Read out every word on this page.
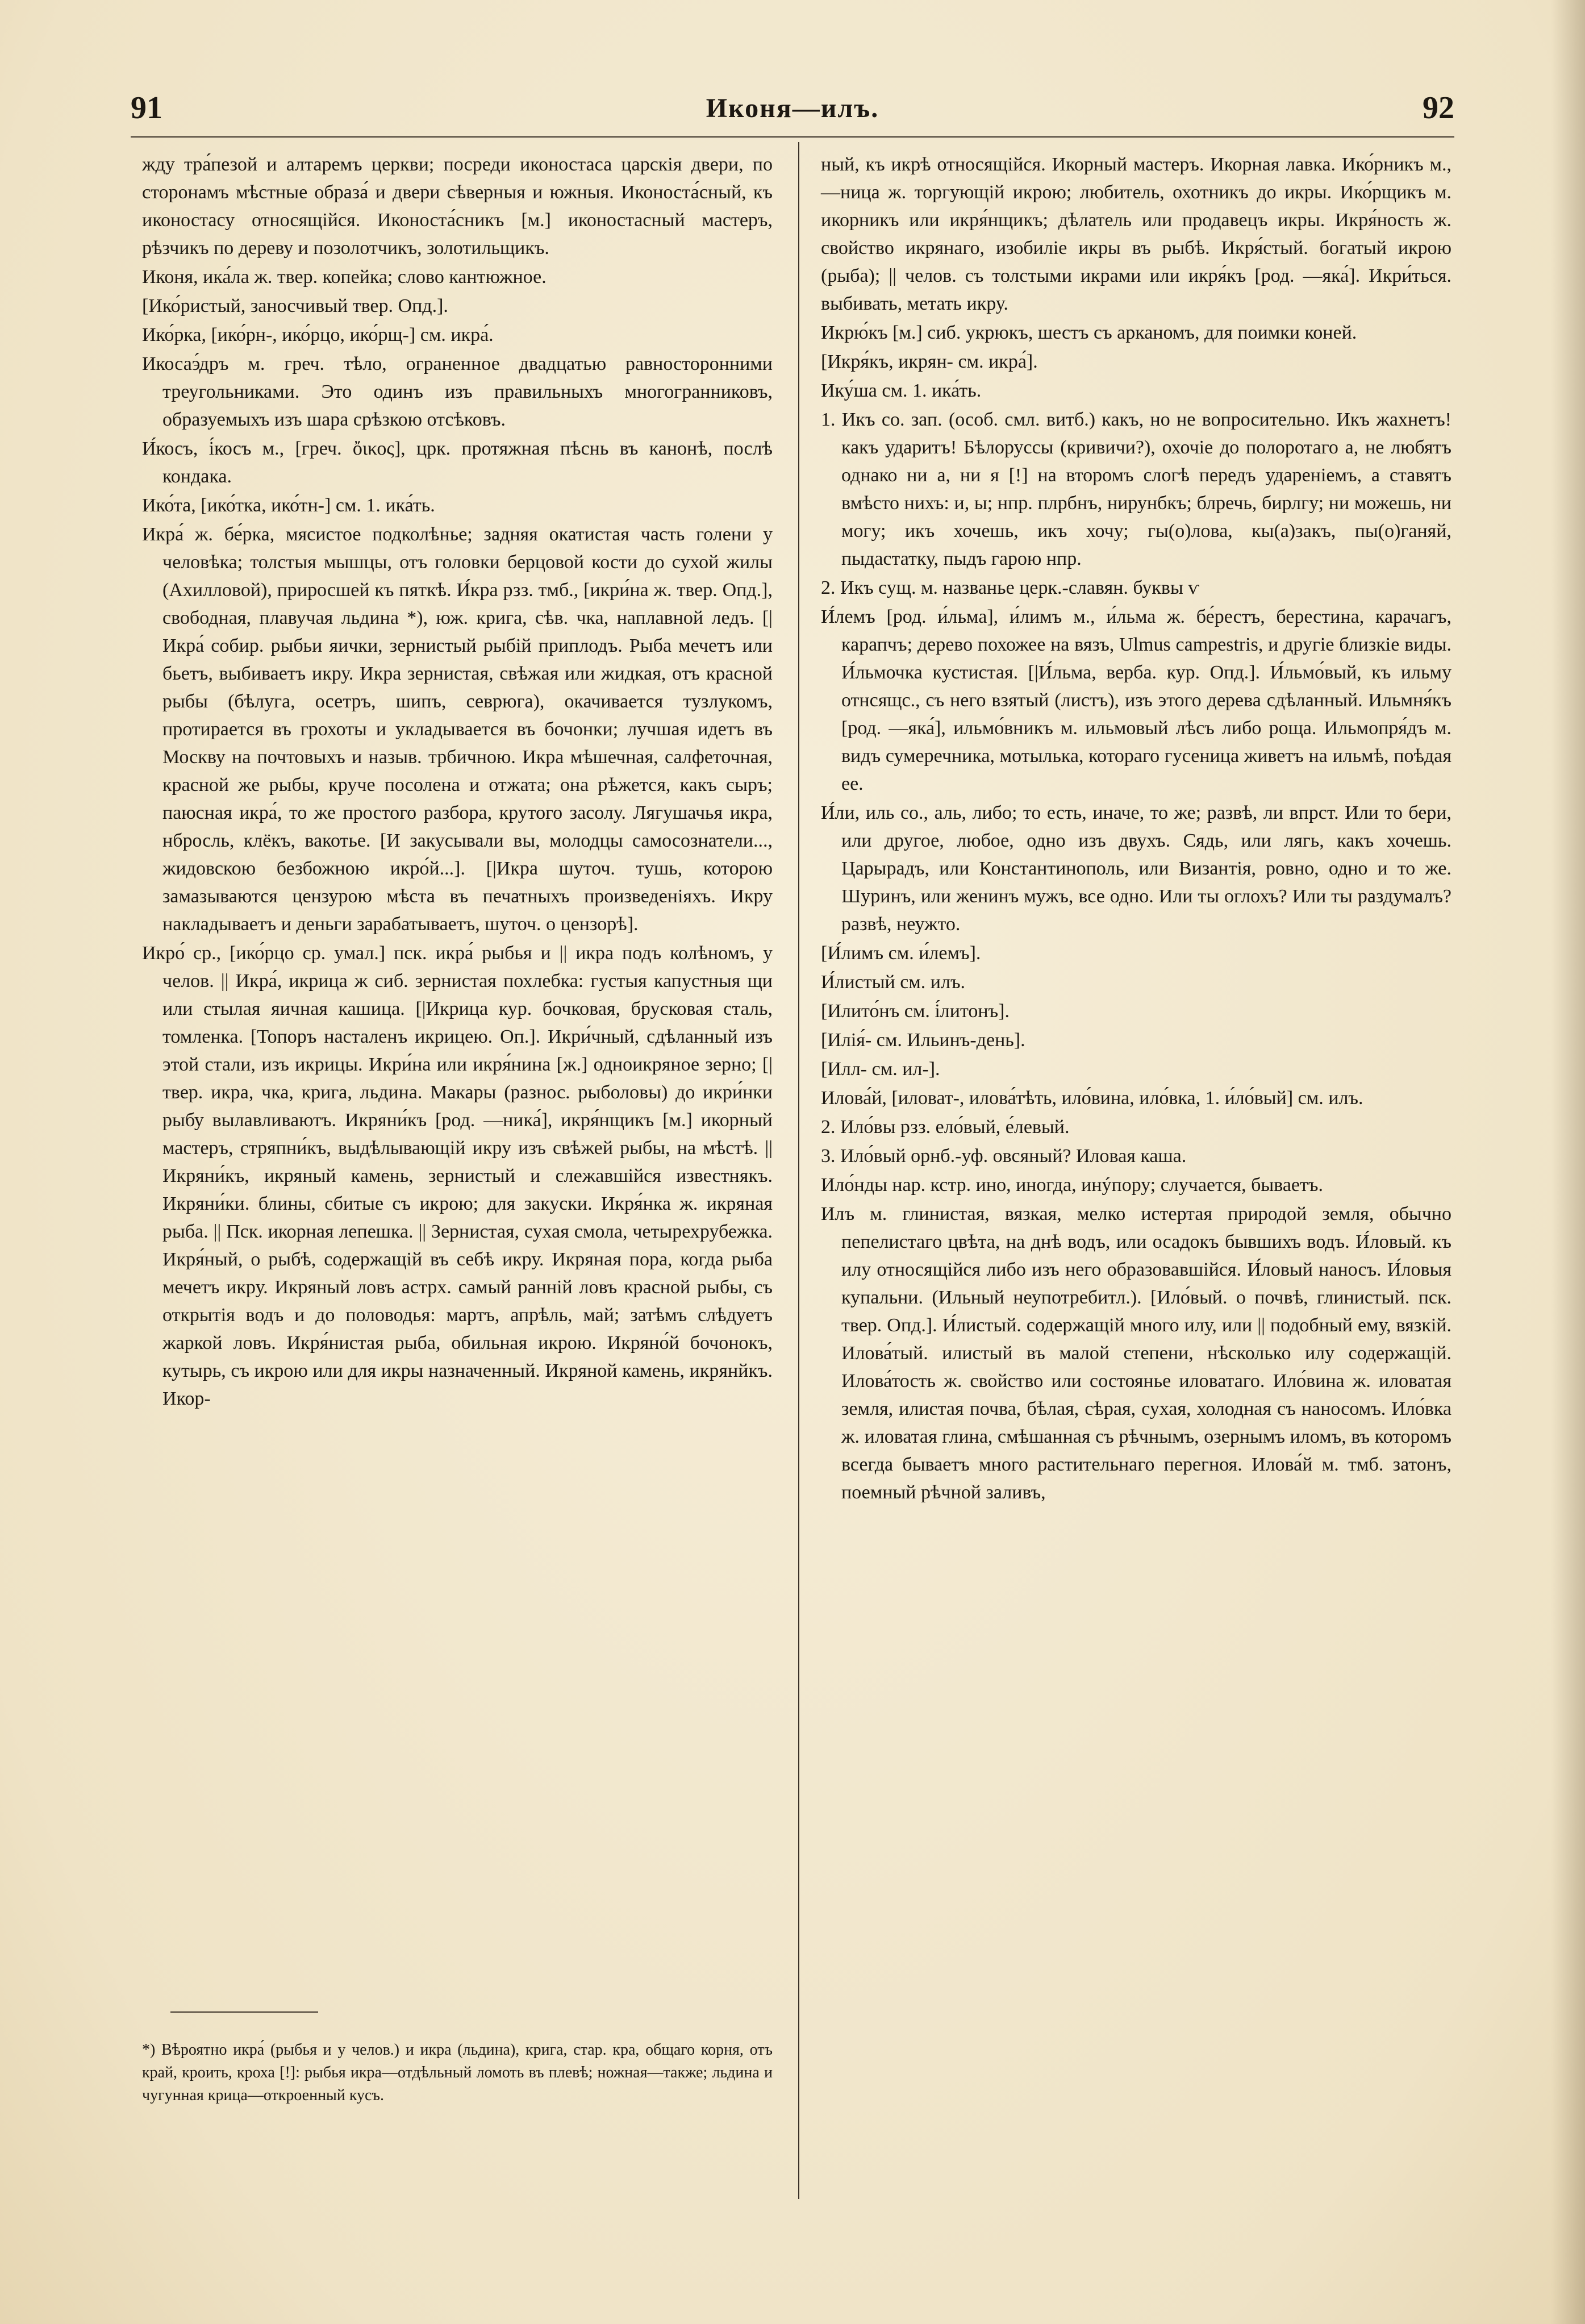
91	Иконя—илъ.	92

жду тра́пезой и алтаремъ церкви; посреди иконостаса царскія двери, по сторонамъ мѣстные образа́ и двери сѣверныя и южныя. Иконоста́сный, къ иконостасу относящійся. Иконоста́сникъ [м.] иконостасный мастеръ, рѣзчикъ по дереву и позолотчикъ, золотильщикъ.

Иконя, ика́ла ж. твер. копейка; слово кантюжное.

[Ико́ристый, заносчивый твер. Опд.].

Ико́рка, [ико́рн-, ико́рцо, ико́рщ-] см. икра́.

Икосаэ́дръ м. греч. тѣло, ограненное двадцатью равносторонними треугольниками. Это одинъ изъ правильныхъ многогранниковъ, образуемыхъ изъ шара срѣзкою отсѣковъ.

И́косъ, і́косъ м., [греч. ὄικος], црк. протяжная пѣснь въ канонѣ, послѣ кондака.

Ико́та, [ико́тка, ико́тн-] см. 1. ика́ть.

Икра́ ж. бе́рка, мясистое подколѣнье; задняя окатистая часть голени у человѣка; толстыя мышцы, отъ головки берцовой кости до сухой жилы (Ахилловой), приросшей къ пяткѣ. И́кра рзз. тмб., [икри́на ж. твер. Опд.], свободная, плавучая льдина *), юж. крига, сѣв. чка, наплавной ледъ. [|Икра́ собир. рыбьи яички, зернистый рыбій приплодъ. Рыба мечетъ или бьетъ, выбиваетъ икру. Икра зернистая, свѣжая или жидкая, отъ красной рыбы (бѣлуга, осетръ, шипъ, севрюга), окачивается тузлукомъ, протирается въ грохоты и укладывается въ бочонки; лучшая идетъ въ Москву на почтовыхъ и назыв. трбичною. Икра мѣшечная, салфеточная, красной же рыбы, круче посолена и отжата; она рѣжется, какъ сыръ; паюсная икра́, то же простого разбора, крутого засолу. Лягушачья икра, нбросль, клёкъ, вакотье. [И закусывали вы, молодцы самосознатели..., жидовскою безбожною икро́й...]. [|Икра шуточ. тушь, которою замазываются цензурою мѣста въ печатныхъ произведеніяхъ. Икру накладываетъ и деньги зарабатываетъ, шуточ. о цензорѣ].

Икро́ ср., [ико́рцо ср. умал.] пск. икра́ рыбья и || икра подъ колѣномъ, у челов. || Икра́, икрица ж сиб. зернистая похлебка: густыя капустныя щи или стылая яичная кашица. [|Икрица кур. бочковая, брусковая сталь, томленка. [Топоръ насталенъ икрицею. Оп.]. Икри́чный, сдѣланный изъ этой стали, изъ икрицы. Икри́на или икря́нина [ж.] одноикряное зерно; [|твер. икра, чка, крига, льдина. Макары (разнос. рыболовы) до икри́нки рыбу вылавливаютъ. Икряни́къ [род. —ника́], икря́нщикъ [м.] икорный мастеръ, стряпни́къ, выдѣлывающій икру изъ свѣжей рыбы, на мѣстѣ. || Икряни́къ, икряный камень, зернистый и слежавшійся известнякъ. Икряни́ки. блины, сбитые съ икрою; для закуски. Икря́нка ж. икряная рыба. || Пск. икорная лепешка. || Зернистая, сухая смола, четырехрубежка. Икря́ный, о рыбѣ, содержащій въ себѣ икру. Икряная пора, когда рыба мечетъ икру. Икряный ловъ астрх. самый раннiй ловъ красной рыбы, съ открытія водъ и до половодья: мартъ, апрѣль, май; затѣмъ слѣдуетъ жаркой ловъ. Икря́нистая рыба, обильная икрою. Икряно́й бочонокъ, кутырь, съ икрою или для икры назначенный. Икряной камень, икрянйкъ. Икор-

ный, къ икрѣ относящійся. Икорный мастеръ. Икорная лавка. Ико́рникъ м., —ница ж. торгующій икрою; любитель, охотникъ до икры. Ико́рщикъ м. икорникъ или икря́нщикъ; дѣлатель или продавецъ икры. Икря́ность ж. свойство икрянаго, изобиліе икры въ рыбѣ. Икря́стый. богатый икрою (рыба); || челов. съ толстыми икрами или икря́къ [род. —яка́]. Икри́ться. выбивать, метать икру.

Икрю́къ [м.] сиб. укрюкъ, шестъ съ арканомъ, для поимки коней.

[Икря́къ, икрян- см. икра́].

Ику́ша см. 1. ика́ть.

1. Икъ со. зап. (особ. смл. витб.) какъ, но не вопросительно. Икъ жахнетъ! какъ ударитъ! Бѣлоруссы (кривичи?), охочіе до полоротаго а, не любятъ однако ни а, ни я [!] на второмъ слогѣ передъ удареніемъ, а ставятъ вмѣсто нихъ: и, ы; нпр. плрбнъ, нирунбкъ; блречь, бирлгу; ни можешь, ни могу; икъ хочешь, икъ хочу; гы(о)лова, кы(а)закъ, пы(о)ганяй, пыдастатку, пыдъ гарою нпр.

2. Икъ сущ. м. названье церк.-славян. буквы ѵ

И́лемъ [род. и́льма], и́лимъ м., и́льма ж. бе́рестъ, берестина, карачагъ, карапчъ; дерево похожее на вязъ, Ulmus campestris, и другіе близкіе виды. И́льмочка кустистая. [|И́льма, верба. кур. Опд.]. И́льмо́вый, къ ильму отнсящс., съ него взятый (листъ), изъ этого дерева сдѣланный. Ильмня́къ [род. —яка́], ильмо́вникъ м. ильмовый лѣсъ либо роща. Ильмопря́дъ м. видъ сумеречника, мотылька, котораго гусеница живетъ на ильмѣ, поѣдая ее.

И́ли, иль со., аль, либо; то есть, иначе, то же; развѣ, ли впрст. Или то бери, или другое, любое, одно изъ двухъ. Сядь, или лягь, какъ хочешь. Царырадъ, или Константинополь, или Византія, ровно, одно и то же. Шуринъ, или женинъ мужъ, все одно. Или ты оглохъ? Или ты раздумалъ? развѣ, неужто.

[И́лимъ см. и́лемъ].

И́листый см. илъ.

[Илито́нъ см. і́литонъ].

[Илія́- см. Ильинъ-день].

[Илл- см. ил-].

Илова́й, [иловат-, илова́тѣть, ило́вина, ило́вка, 1. и́ло́вый] см. илъ.

2. Ило́вы рзз. ело́вый, е́левый.

3. Ило́вый орнб.-уф. овсяный? Иловая каша.

Ило́нды нар. кстр. ино, иногда, инýпору; случается, бываетъ.

Илъ м. глинистая, вязкая, мелко истертая природой земля, обычно пепелистаго цвѣта, на днѣ водъ, или осадокъ бывшихъ водъ. И́ловый. къ илу относящійся либо изъ него образовавшійся. И́ловый наносъ. И́ловыя купальни. (Ильный неупотребитл.). [Ило́вый. о почвѣ, глинистый. пск. твер. Опд.]. И́листый. содержащій много илу, или || подобный ему, вязкій. Илова́тый. илистый въ малой степени, нѣсколько илу содержащій. Илова́тость ж. свойство или состоянье иловатаго. Ило́вина ж. иловатая земля, илистая почва, бѣлая, сѣрая, сухая, холодная съ наносомъ. Ило́вка ж. иловатая глина, смѣшанная съ рѣчнымъ, озернымъ иломъ, въ которомъ всегда бываетъ много растительнаго перегноя. Илова́й м. тмб. затонъ, поемный рѣчной заливъ,

*) Вѣроятно икра́ (рыбья и у челов.) и икра (льдина), крига, стар. кра, общаго корня, отъ край, кроить, кроха [!]: рыбья икра—отдѣльный ломоть въ плевѣ; ножная—также; льдина и чугунная крица—откроенный кусъ.
